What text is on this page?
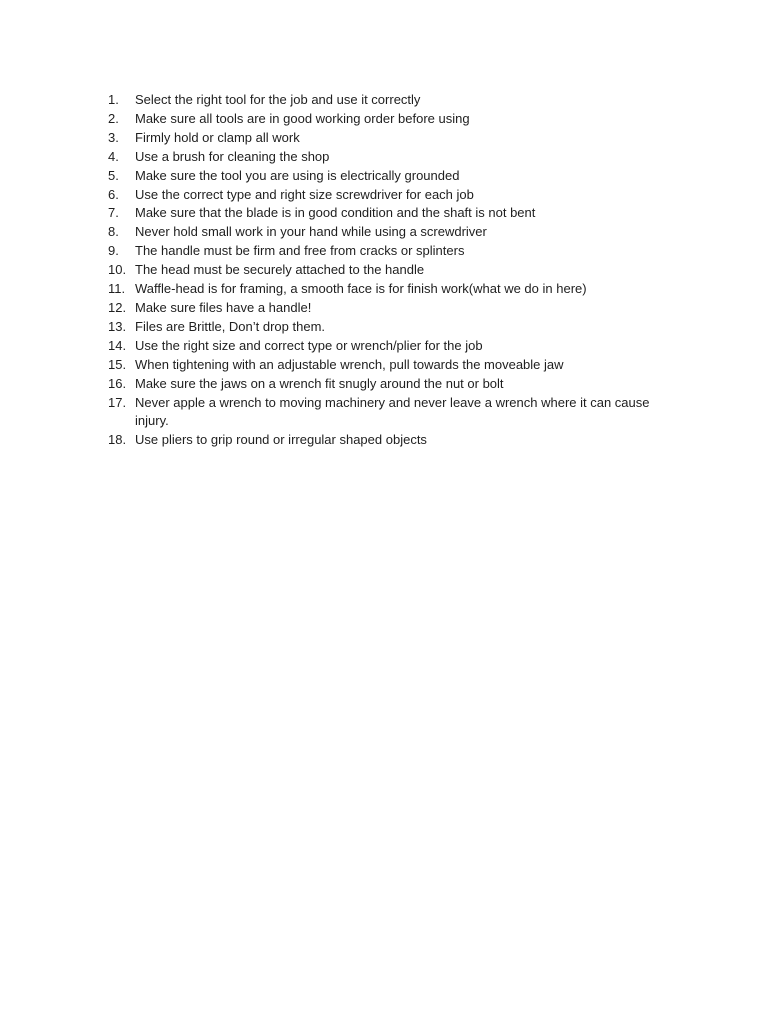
1.	Select the right tool for the job and use it correctly
2.	Make sure all tools are in good working order before using
3.	Firmly hold or clamp all work
4.	Use a brush for cleaning the shop
5.	Make sure the tool you are using is electrically grounded
6.	Use the correct type and right size screwdriver for each job
7.	Make sure that the blade is in good condition and the shaft is not bent
8.	Never hold small work in your hand while using a screwdriver
9.	The handle must be firm and free from cracks or splinters
10. The head must be securely attached to the handle
11. Waffle-head is for framing, a smooth face is for finish work(what we do in here)
12. Make sure files have a handle!
13. Files are Brittle, Don’t drop them.
14. Use the right size and correct type or wrench/plier for the job
15. When tightening with an adjustable wrench, pull towards the moveable jaw
16. Make sure the jaws on a wrench fit snugly around the nut or bolt
17. Never apple a wrench to moving machinery and never leave a wrench where it can cause injury.
18. Use pliers to grip round or irregular shaped objects
